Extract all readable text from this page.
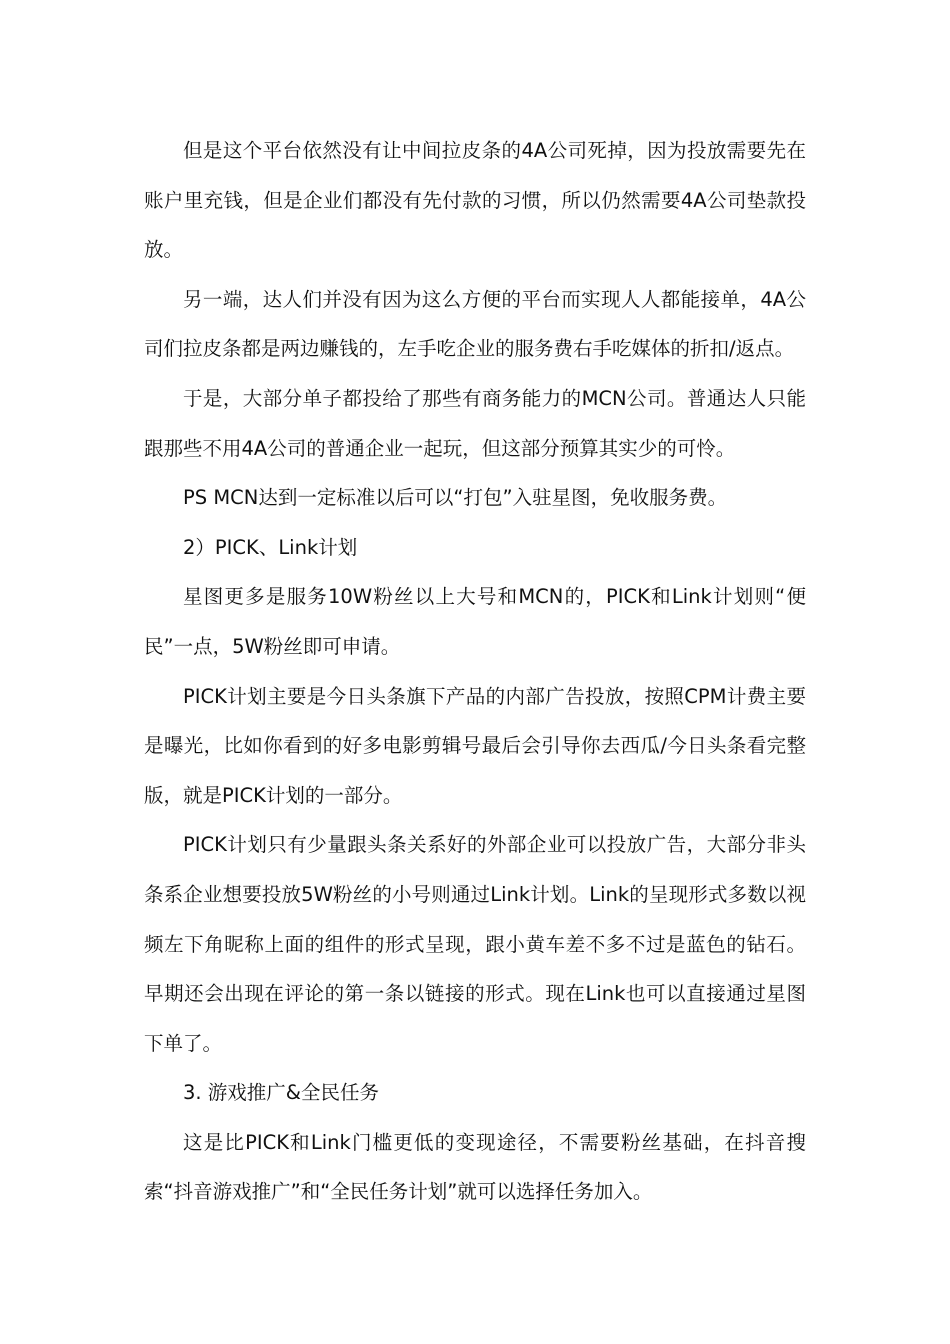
但是这个平台依然没有让中间拉皮条的4A公司死掉，因为投放需要先在账户里充钱，但是企业们都没有先付款的习惯，所以仍然需要4A公司垫款投放。

另一端，达人们并没有因为这么方便的平台而实现人人都能接单，4A公司们拉皮条都是两边赚钱的，左手吃企业的服务费右手吃媒体的折扣/返点。

于是，大部分单子都投给了那些有商务能力的MCN公司。普通达人只能跟那些不用4A公司的普通企业一起玩，但这部分预算其实少的可怜。

PS MCN达到一定标准以后可以“打包”入驻星图，免收服务费。

2）PICK、Link计划

星图更多是服务10W粉丝以上大号和MCN的，PICK和Link计划则“便民”一点，5W粉丝即可申请。

PICK计划主要是今日头条旗下产品的内部广告投放，按照CPM计费主要是曝光，比如你看到的好多电影剪辑号最后会引导你去西瓜/今日头条看完整版，就是PICK计划的一部分。

PICK计划只有少量跟头条关系好的外部企业可以投放广告，大部分非头条系企业想要投放5W粉丝的小号则通过Link计划。Link的呈现形式多数以视频左下角昵称上面的组件的形式呈现，跟小黄车差不多不过是蓝色的钻石。早期还会出现在评论的第一条以链接的形式。现在Link也可以直接通过星图下单了。

3. 游戏推广&全民任务

这是比PICK和Link门槛更低的变现途径，不需要粉丝基础，在抖音搜索“抖音游戏推广”和“全民任务计划”就可以选择任务加入。
